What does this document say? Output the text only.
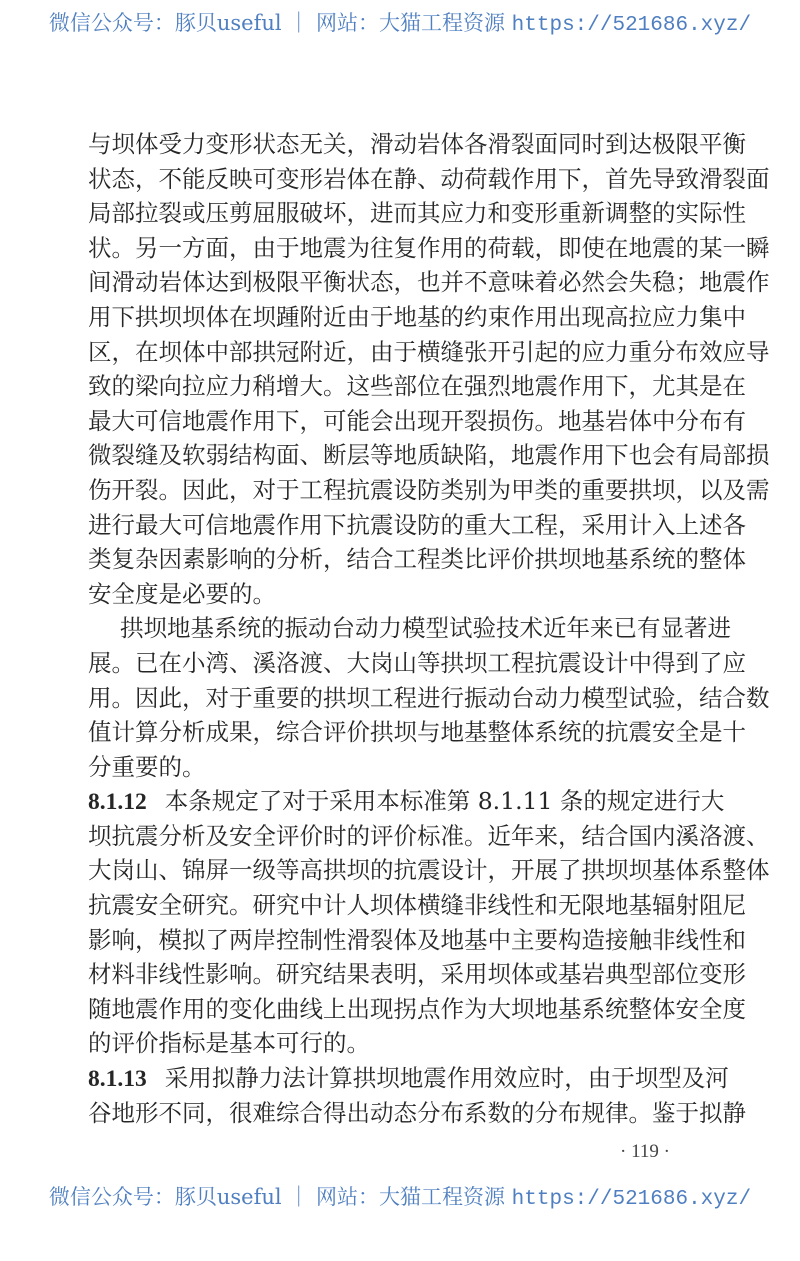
微信公众号：豚贝useful ｜ 网站：大猫工程资源 https://521686.xyz/
与坝体受力变形状态无关，滑动岩体各滑裂面同时到达极限平衡
状态，不能反映可变形岩体在静、动荷载作用下，首先导致滑裂面
局部拉裂或压剪屈服破坏，进而其应力和变形重新调整的实际性
状。另一方面，由于地震为往复作用的荷载，即使在地震的某一瞬
间滑动岩体达到极限平衡状态，也并不意味着必然会失稳；地震作
用下拱坝坝体在坝踵附近由于地基的约束作用出现高拉应力集中
区，在坝体中部拱冠附近，由于横缝张开引起的应力重分布效应导
致的梁向拉应力稍增大。这些部位在强烈地震作用下，尤其是在
最大可信地震作用下，可能会出现开裂损伤。地基岩体中分布有
微裂缝及软弱结构面、断层等地质缺陷，地震作用下也会有局部损
伤开裂。因此，对于工程抗震设防类别为甲类的重要拱坝，以及需
进行最大可信地震作用下抗震设防的重大工程，采用计入上述各
类复杂因素影响的分析，结合工程类比评价拱坝地基系统的整体
安全度是必要的。
拱坝地基系统的振动台动力模型试验技术近年来已有显著进
展。已在小湾、溪洛渡、大岗山等拱坝工程抗震设计中得到了应
用。因此，对于重要的拱坝工程进行振动台动力模型试验，结合数
值计算分析成果，综合评价拱坝与地基整体系统的抗震安全是十
分重要的。
8.1.12 本条规定了对于采用本标准第 8.1.11 条的规定进行大
坝抗震分析及安全评价时的评价标准。近年来，结合国内溪洛渡、
大岗山、锦屏一级等高拱坝的抗震设计，开展了拱坝坝基体系整体
抗震安全研究。研究中计人坝体横缝非线性和无限地基辐射阻尼
影响，模拟了两岸控制性滑裂体及地基中主要构造接触非线性和
材料非线性影响。研究结果表明，采用坝体或基岩典型部位变形
随地震作用的变化曲线上出现拐点作为大坝地基系统整体安全度
的评价指标是基本可行的。
8.1.13 采用拟静力法计算拱坝地震作用效应时，由于坝型及河
谷地形不同，很难综合得出动态分布系数的分布规律。鉴于拟静
· 119 ·
微信公众号：豚贝useful ｜ 网站：大猫工程资源 https://521686.xyz/
